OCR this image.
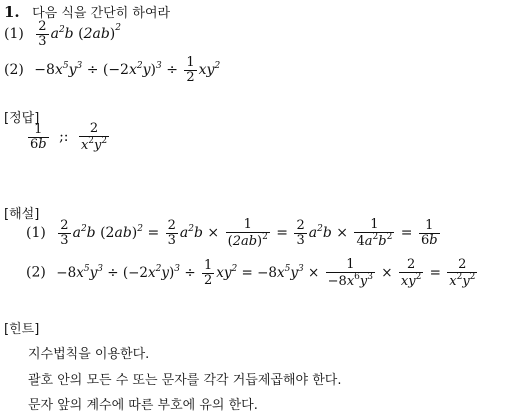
1. 다음 식을 간단히 하여라
$(1) \frac{2}{3} a^2b$ $(2ab)^2$
$(2) -8x^5y^3 \div (-2x^2y)^3 \div \frac{1}{2} xy^2$
[정답]
$\frac{1}{6b}$ ;: $\frac{2}{x^2y^2}$
[해설]
$(1) \frac{2}{3} a^2b$ $(2ab)^2 = \frac{2}{3} a^2b \times \frac{1}{(2ab)^2} = \frac{2}{3} a^2b \times \frac{1}{4a^2b^2} = \frac{1}{6b}$
$(2) -8x^5y^3 \div (-2x^2y)^3 \div \frac{1}{2} xy^2 = -8x^5y^3 \times \frac{1}{-8x^6y^3} \times \frac{2}{xy^2} = \frac{2}{x^2y^2}$
[힌트]
지수법칙을 이용한다.
괄호 안의 모든 수 또는 문자를 각각 거듭제곱해야 한다.
문자 앞의 계수에 따른 부호에 유의 한다.
